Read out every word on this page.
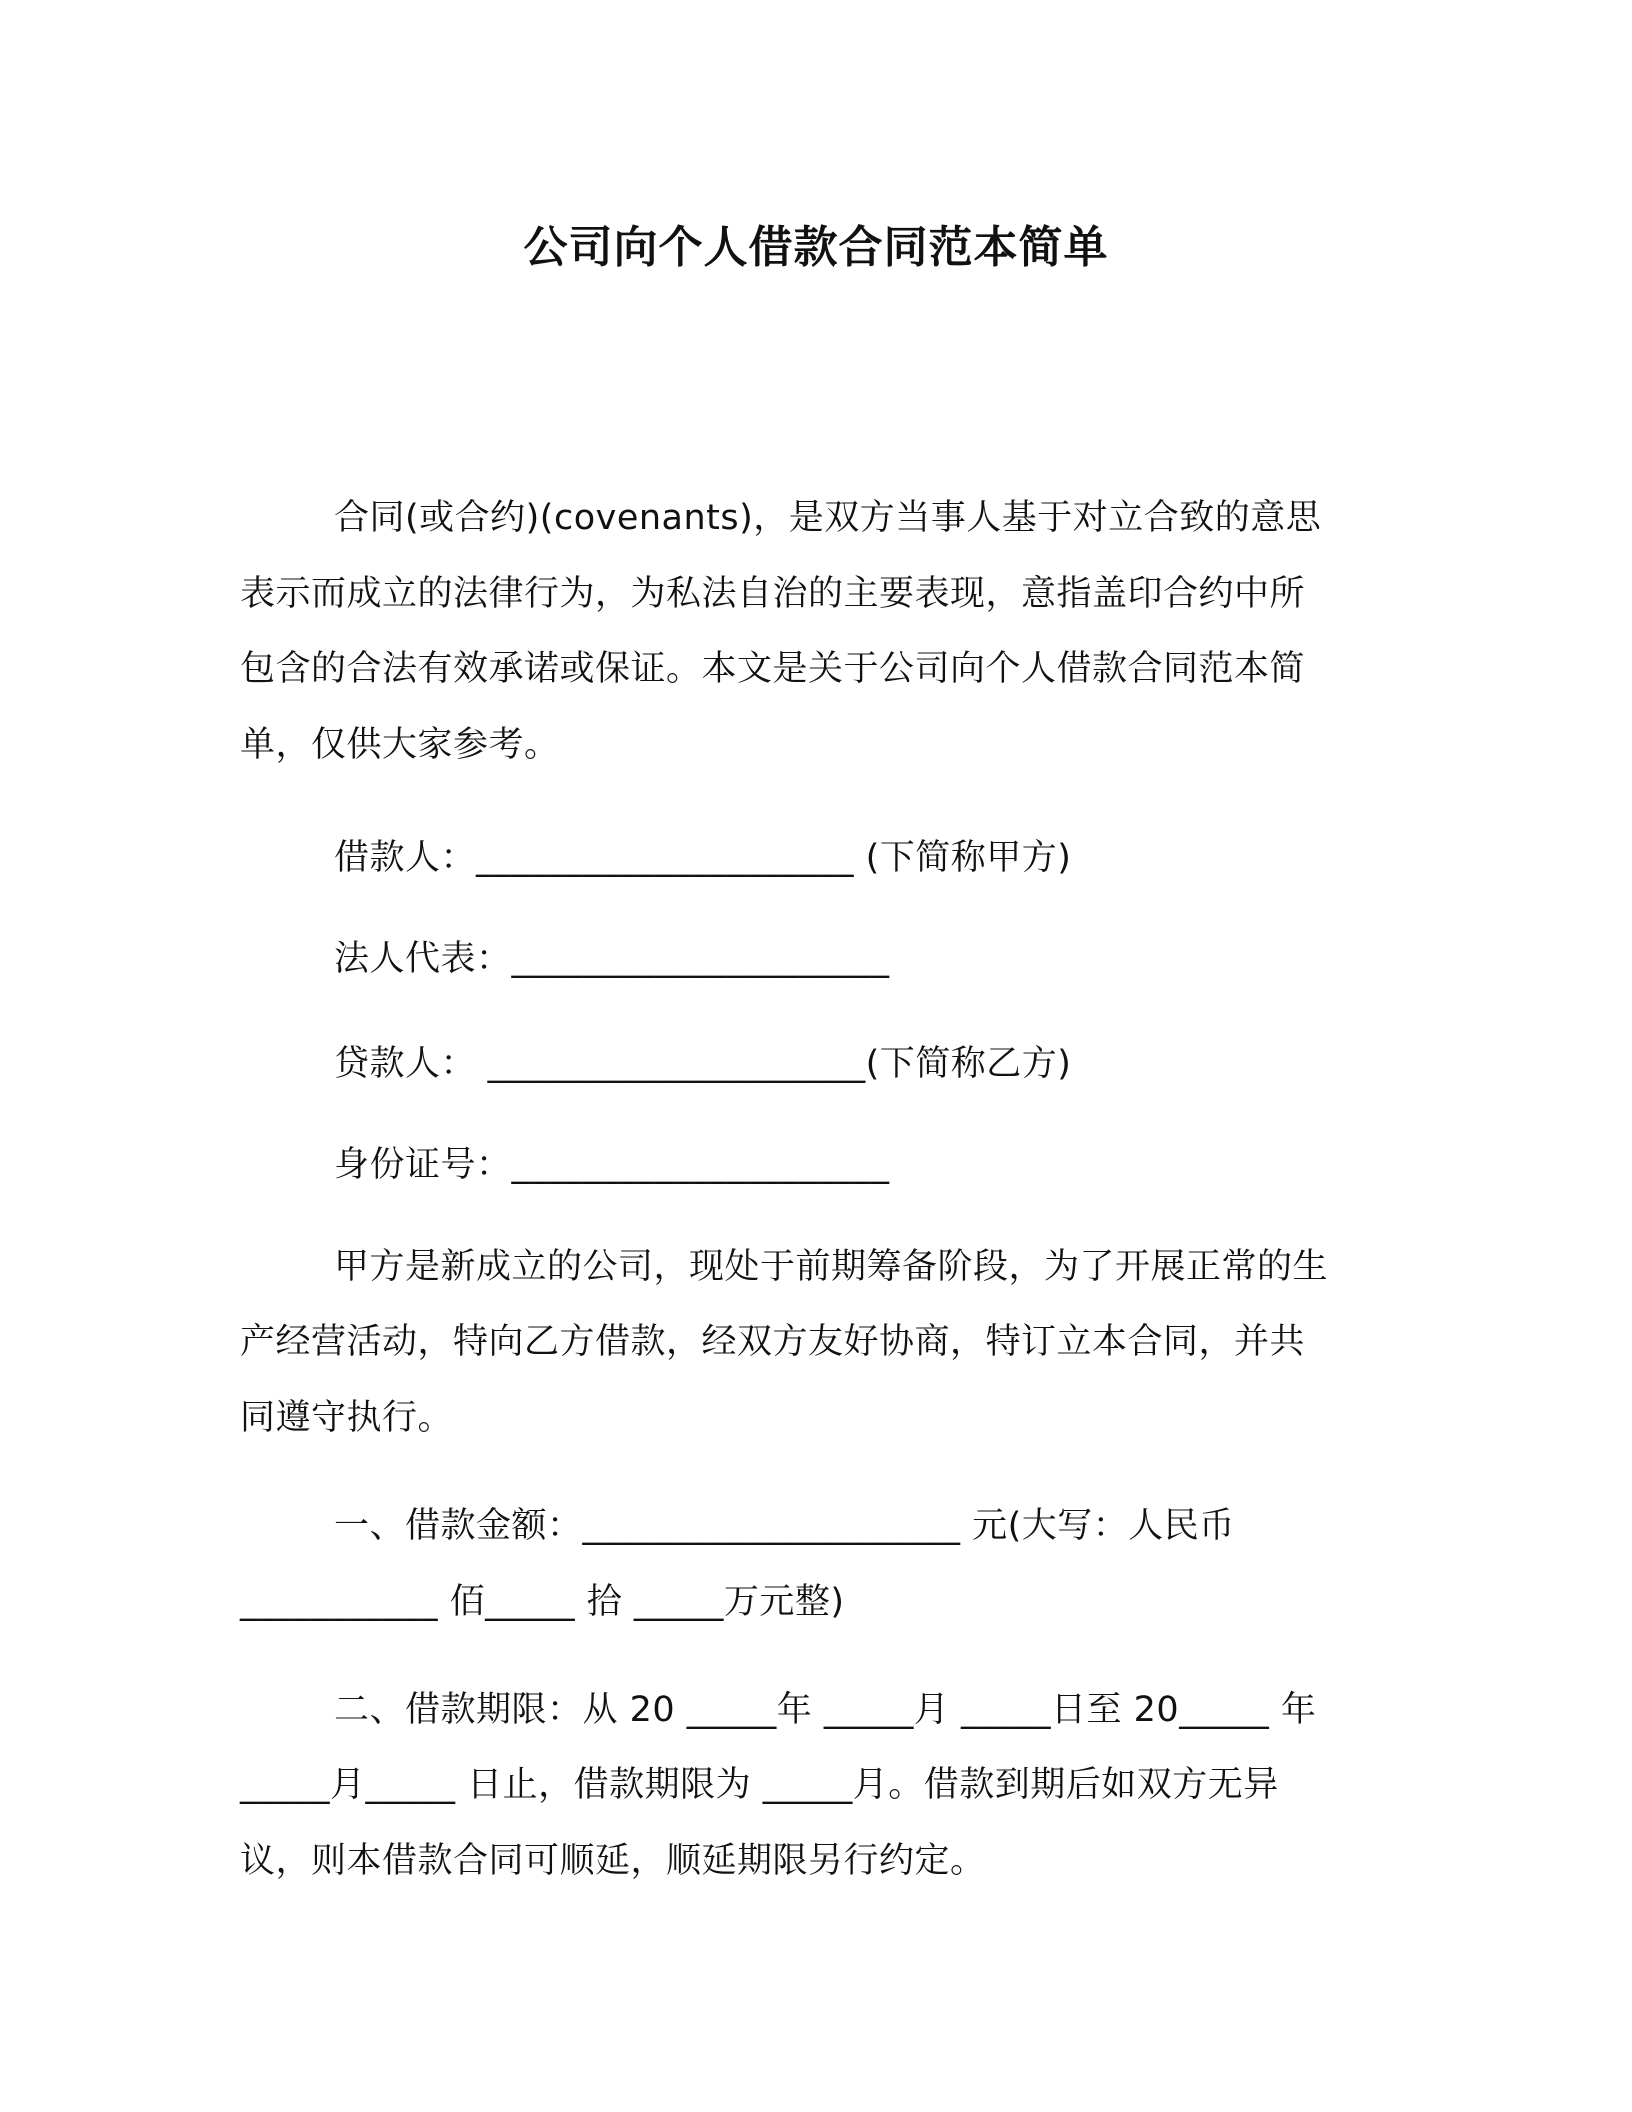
公司向个人借款合同范本简单
合同(或合约)(covenants)，是双方当事人基于对立合致的意思
表示而成立的法律行为，为私法自治的主要表现，意指盖印合约中所
包含的合法有效承诺或保证。本文是关于公司向个人借款合同范本简
单，仅供大家参考。
借款人：_____________________ (下简称甲方)
法人代表：_____________________
贷款人： _____________________(下简称乙方)
身份证号：_____________________
甲方是新成立的公司，现处于前期筹备阶段，为了开展正常的生
产经营活动，特向乙方借款，经双方友好协商，特订立本合同，并共
同遵守执行。
一、借款金额：_____________________ 元(大写：人民币
___________ 佰_____ 拾 _____万元整)
二、借款期限：从 20 _____年 _____月 _____日至 20_____ 年
_____月_____ 日止，借款期限为 _____月。借款到期后如双方无异
议，则本借款合同可顺延，顺延期限另行约定。
